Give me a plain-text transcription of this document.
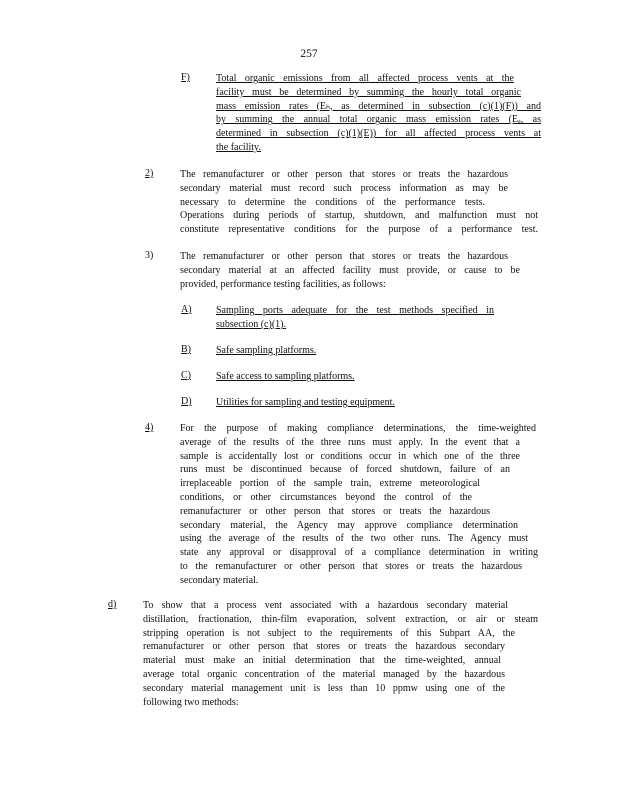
257
F)	Total organic emissions from all affected process vents at the
facility must be determined by summing the hourly total organic
mass emission rates (Eₕ, as determined in subsection (c)(1)(F)) and
by summing the annual total organic mass emission rates (Eₐ, as
determined in subsection (c)(1)(E)) for all affected process vents at
the facility.
2)	The remanufacturer or other person that stores or treats the hazardous
secondary material must record such process information as may be
necessary to determine the conditions of the performance tests.
Operations during periods of startup, shutdown, and malfunction must not
constitute representative conditions for the purpose of a performance test.
3)	The remanufacturer or other person that stores or treats the hazardous
secondary material at an affected facility must provide, or cause to be
provided, performance testing facilities, as follows:
A) Sampling ports adequate for the test methods specified in
subsection (c)(1).
B)	Safe sampling platforms.
C)	Safe access to sampling platforms.
D) Utilities for sampling and testing equipment.
4)	For the purpose of making compliance determinations, the time-weighted
average of the results of the three runs must apply. In the event that a
sample is accidentally lost or conditions occur in which one of the three
runs must be discontinued because of forced shutdown, failure of an
irreplaceable portion of the sample train, extreme meteorological
conditions, or other circumstances beyond the control of the
remanufacturer or other person that stores or treats the hazardous
secondary material, the Agency may approve compliance determination
using the average of the results of the two other runs. The Agency must
state any approval or disapproval of a compliance determination in writing
to the remanufacturer or other person that stores or treats the hazardous
secondary material.
d)	To show that a process vent associated with a hazardous secondary material
distillation, fractionation, thin-film evaporation, solvent extraction, or air or steam
stripping operation is not subject to the requirements of this Subpart AA, the
remanufacturer or other person that stores or treats the hazardous secondary
material must make an initial determination that the time-weighted, annual
average total organic concentration of the material managed by the hazardous
secondary material management unit is less than 10 ppmw using one of the
following two methods:
